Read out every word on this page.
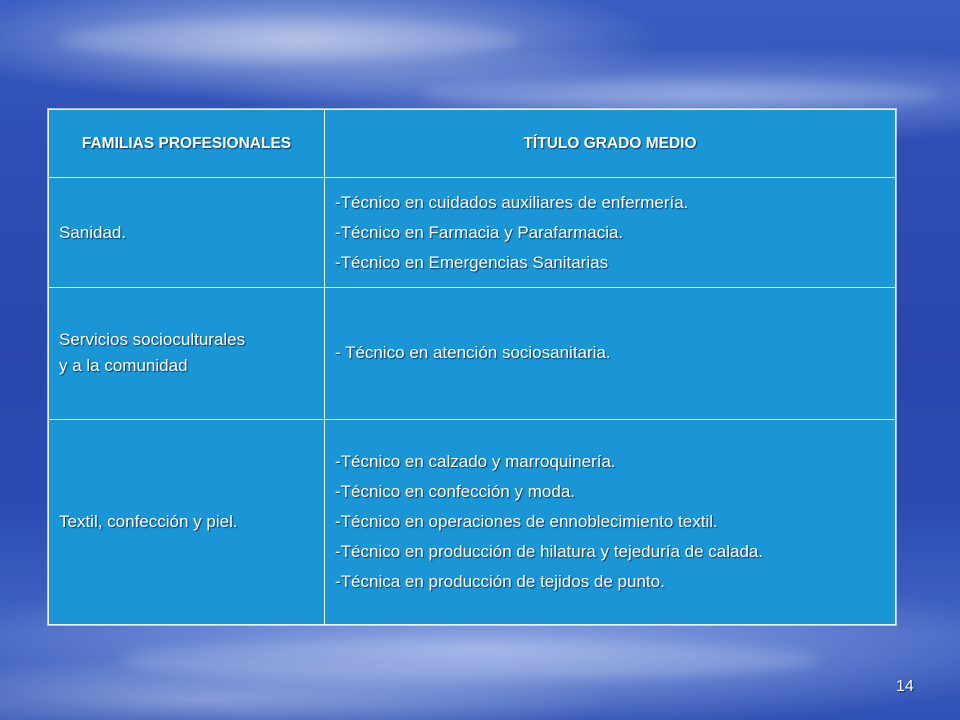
FAMILIAS PROFESIONALES	TÍTULO GRADO MEDIO

Sanidad.	-Técnico en cuidados auxiliares de enfermería.
-Técnico en Farmacia y Parafarmacia.
-Técnico en Emergencias Sanitarias

Servicios socioculturales
y a la comunidad	- Técnico en atención sociosanitaria.

Textil, confección y piel.	-Técnico en calzado y marroquinería.
-Técnico en confección y moda.
-Técnico en operaciones de ennoblecimiento textil.
-Técnico en producción de hilatura y tejeduría de calada.
-Técnica en producción de tejidos de punto.
14
